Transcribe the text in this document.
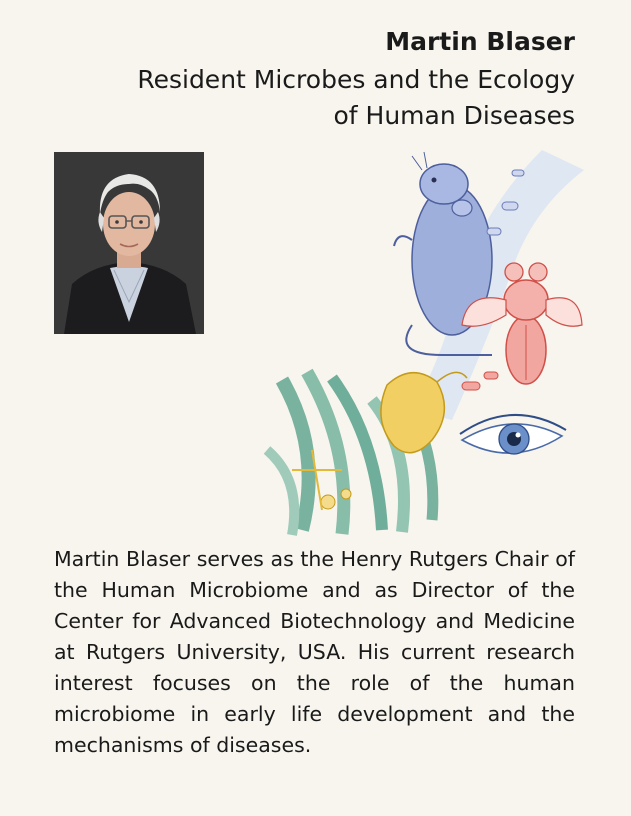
Martin Blaser
Resident Microbes and the Ecology
of Human Diseases
Martin Blaser serves as the Henry Rutgers Chair of the Human Microbiome and as Director of the Center for Advanced Biotechnology and Medicine at Rutgers University, USA. His current research interest focuses on the role of the human microbiome in early life development and the mechanisms of diseases.
